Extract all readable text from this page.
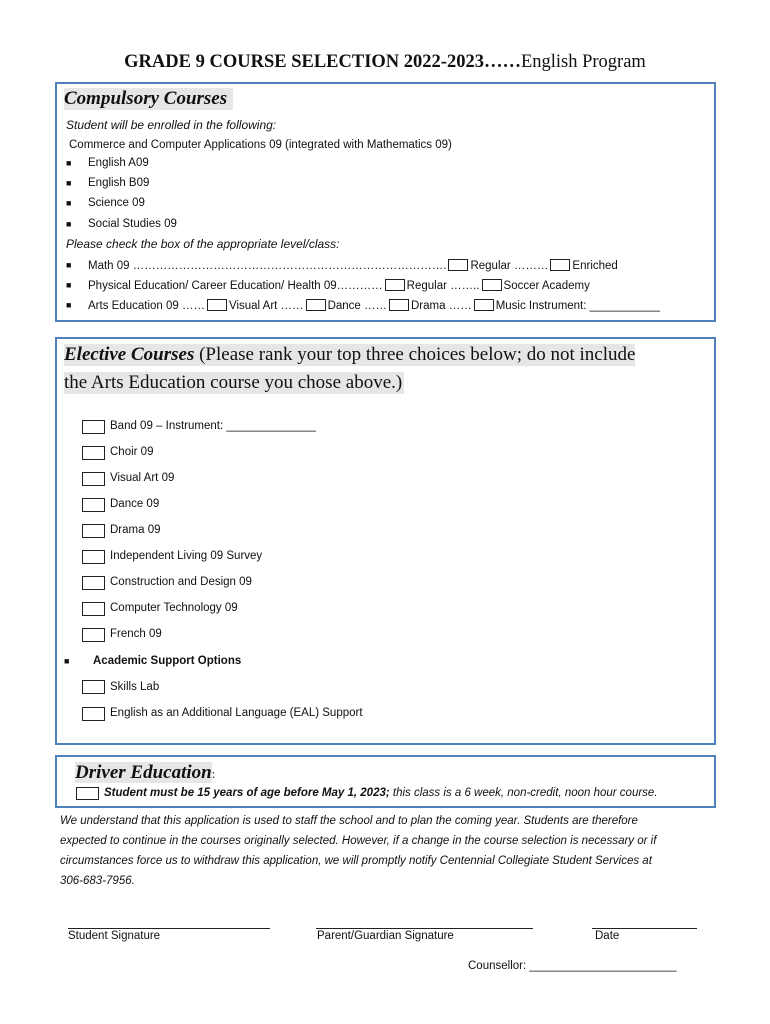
GRADE 9 COURSE SELECTION 2022-2023……English Program
Compulsory Courses
Student will be enrolled in the following:
Commerce and Computer Applications 09 (integrated with Mathematics 09)
■ English A09
■ English B09
■ Science 09
■ Social Studies 09
Please check the box of the appropriate level/class:
■ Math 09 ………………………………………………………………………. Regular ……… Enriched
■ Physical Education/ Career Education/ Health 09………… Regular …….. Soccer Academy
■ Arts Education 09 …… Visual Art …… Dance …… Drama …… Music Instrument: ___________
Elective Courses (Please rank your top three choices below; do not include
the Arts Education course you chose above.)
Band 09 – Instrument: ______________
Choir 09
Visual Art 09
Dance 09
Drama 09
Independent Living 09 Survey
Construction and Design 09
Computer Technology 09
French 09
■ Academic Support Options
Skills Lab
English as an Additional Language (EAL) Support
Driver Education:
Student must be 15 years of age before May 1, 2023; this class is a 6 week, non-credit, noon hour course.
We understand that this application is used to staff the school and to plan the coming year. Students are therefore
expected to continue in the courses originally selected. However, if a change in the course selection is necessary or if
circumstances force us to withdraw this application, we will promptly notify Centennial Collegiate Student Services at
306-683-7956.
Student Signature	Parent/Guardian Signature	Date
Counsellor: _______________________
